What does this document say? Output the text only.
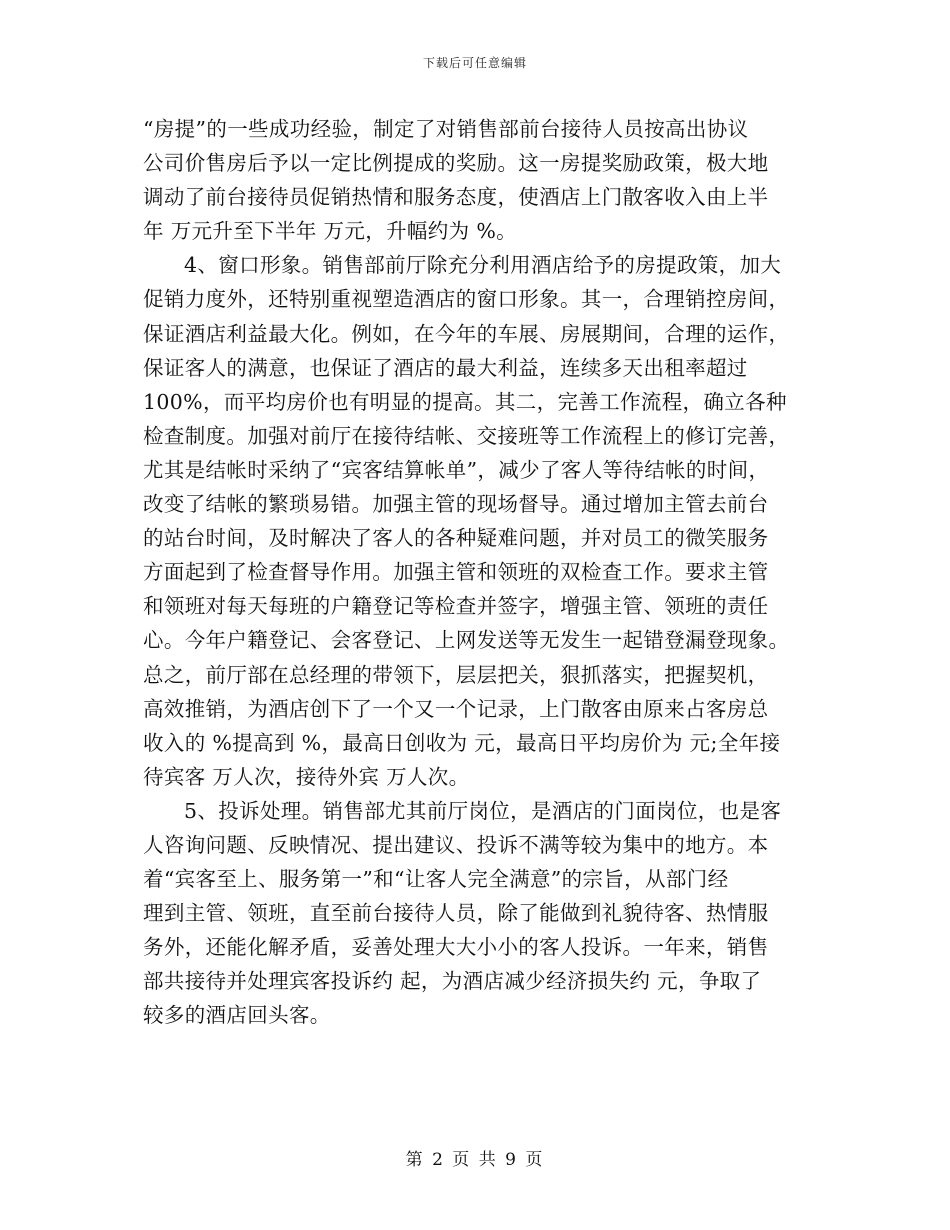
下载后可任意编辑
“房提”的一些成功经验，制定了对销售部前台接待人员按高出协议
公司价售房后予以一定比例提成的奖励。这一房提奖励政策，极大地
调动了前台接待员促销热情和服务态度，使酒店上门散客收入由上半
年 万元升至下半年 万元，升幅约为 %。
4、窗口形象。销售部前厅除充分利用酒店给予的房提政策，加大
促销力度外，还特别重视塑造酒店的窗口形象。其一，合理销控房间，
保证酒店利益最大化。例如，在今年的车展、房展期间，合理的运作，
保证客人的满意，也保证了酒店的最大利益，连续多天出租率超过
100%，而平均房价也有明显的提高。其二，完善工作流程，确立各种
检查制度。加强对前厅在接待结帐、交接班等工作流程上的修订完善，
尤其是结帐时采纳了“宾客结算帐单”，减少了客人等待结帐的时间，
改变了结帐的繁琐易错。加强主管的现场督导。通过增加主管去前台
的站台时间，及时解决了客人的各种疑难问题，并对员工的微笑服务
方面起到了检查督导作用。加强主管和领班的双检查工作。要求主管
和领班对每天每班的户籍登记等检查并签字，增强主管、领班的责任
心。今年户籍登记、会客登记、上网发送等无发生一起错登漏登现象。
总之，前厅部在总经理的带领下，层层把关，狠抓落实，把握契机，
高效推销，为酒店创下了一个又一个记录，上门散客由原来占客房总
收入的 %提高到 %，最高日创收为 元，最高日平均房价为 元;全年接
待宾客 万人次，接待外宾 万人次。
5、投诉处理。销售部尤其前厅岗位，是酒店的门面岗位，也是客
人咨询问题、反映情况、提出建议、投诉不满等较为集中的地方。本
着“宾客至上、服务第一”和“让客人完全满意”的宗旨，从部门经
理到主管、领班，直至前台接待人员，除了能做到礼貌待客、热情服
务外，还能化解矛盾，妥善处理大大小小的客人投诉。一年来，销售
部共接待并处理宾客投诉约 起，为酒店减少经济损失约 元，争取了
较多的酒店回头客。
第 2 页 共 9 页
